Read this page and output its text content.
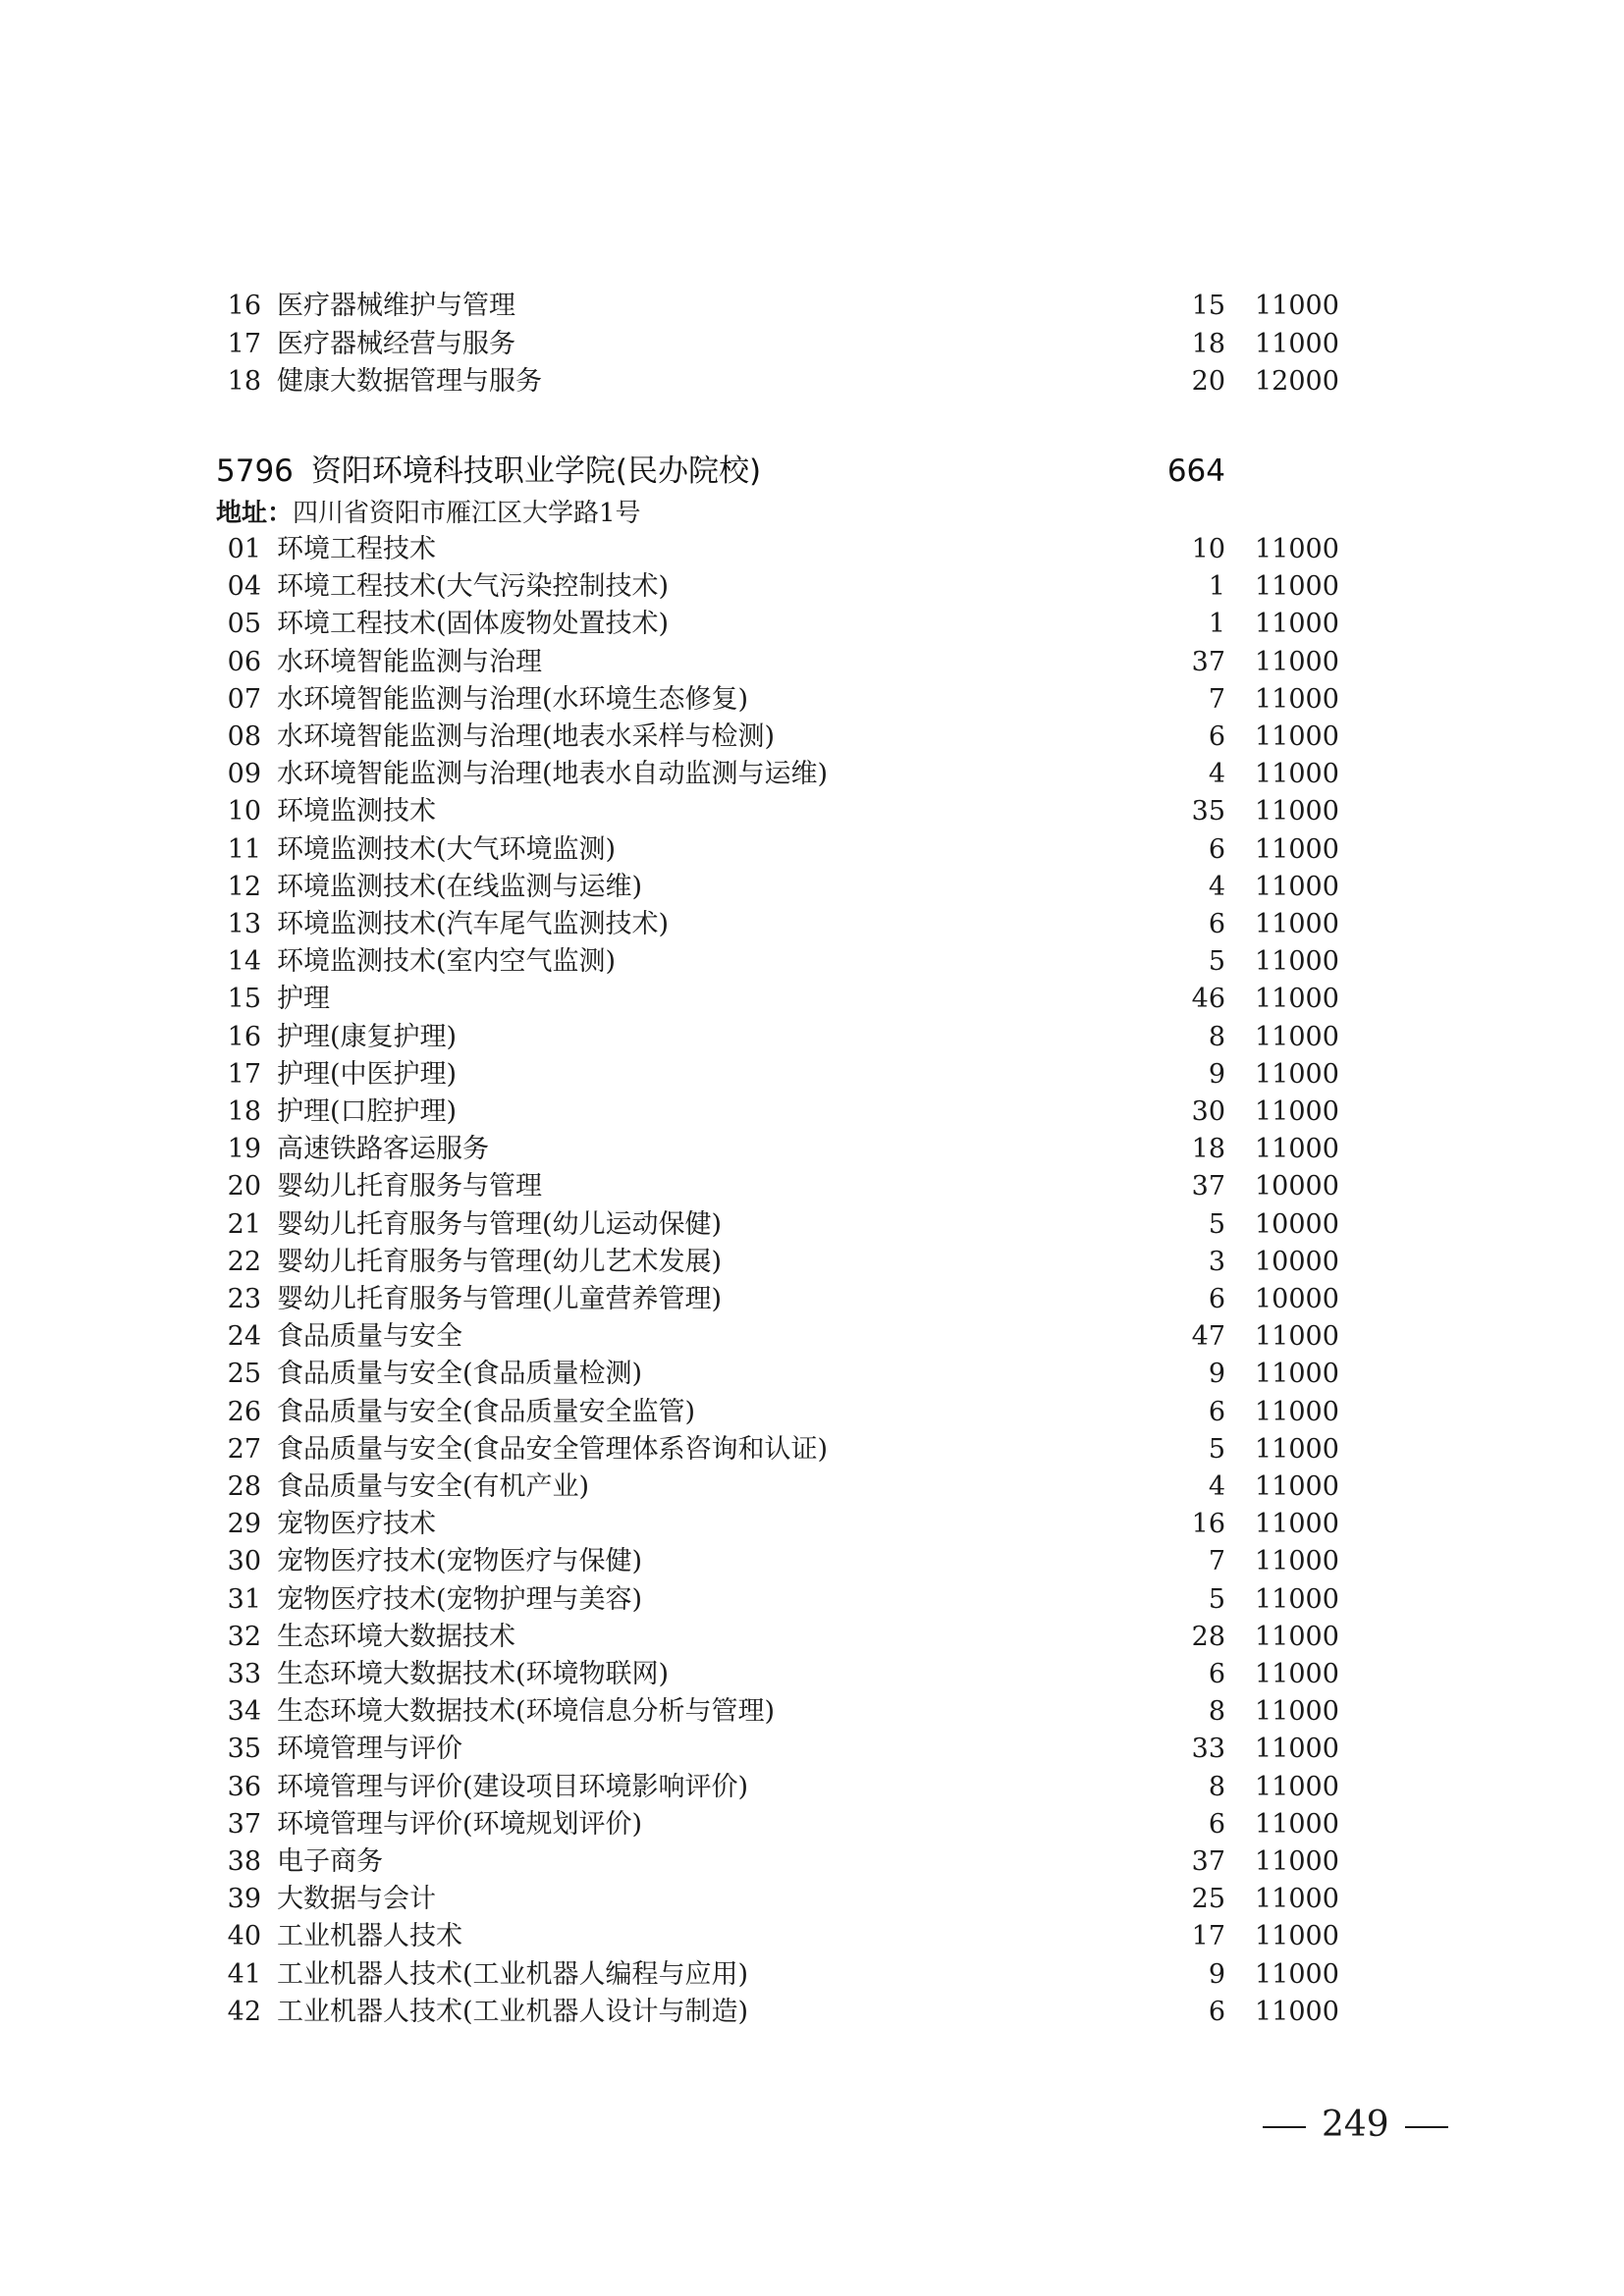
16 医疗器械维护与管理	15 11000
17 医疗器械经营与服务	18 11000
18 健康大数据管理与服务	20 12000
5796 资阳环境科技职业学院(民办院校)	664
地址：四川省资阳市雁江区大学路1号
01 环境工程技术	10 11000
04 环境工程技术(大气污染控制技术)	1 11000
05 环境工程技术(固体废物处置技术)	1 11000
06 水环境智能监测与治理	37 11000
07 水环境智能监测与治理(水环境生态修复)	7 11000
08 水环境智能监测与治理(地表水采样与检测)	6 11000
09 水环境智能监测与治理(地表水自动监测与运维)	4 11000
10 环境监测技术	35 11000
11 环境监测技术(大气环境监测)	6 11000
12 环境监测技术(在线监测与运维)	4 11000
13 环境监测技术(汽车尾气监测技术)	6 11000
14 环境监测技术(室内空气监测)	5 11000
15 护理	46 11000
16 护理(康复护理)	8 11000
17 护理(中医护理)	9 11000
18 护理(口腔护理)	30 11000
19 高速铁路客运服务	18 11000
20 婴幼儿托育服务与管理	37 10000
21 婴幼儿托育服务与管理(幼儿运动保健)	5 10000
22 婴幼儿托育服务与管理(幼儿艺术发展)	3 10000
23 婴幼儿托育服务与管理(儿童营养管理)	6 10000
24 食品质量与安全	47 11000
25 食品质量与安全(食品质量检测)	9 11000
26 食品质量与安全(食品质量安全监管)	6 11000
27 食品质量与安全(食品安全管理体系咨询和认证)	5 11000
28 食品质量与安全(有机产业)	4 11000
29 宠物医疗技术	16 11000
30 宠物医疗技术(宠物医疗与保健)	7 11000
31 宠物医疗技术(宠物护理与美容)	5 11000
32 生态环境大数据技术	28 11000
33 生态环境大数据技术(环境物联网)	6 11000
34 生态环境大数据技术(环境信息分析与管理)	8 11000
35 环境管理与评价	33 11000
36 环境管理与评价(建设项目环境影响评价)	8 11000
37 环境管理与评价(环境规划评价)	6 11000
38 电子商务	37 11000
39 大数据与会计	25 11000
40 工业机器人技术	17 11000
41 工业机器人技术(工业机器人编程与应用)	9 11000
42 工业机器人技术(工业机器人设计与制造)	6 11000
249
